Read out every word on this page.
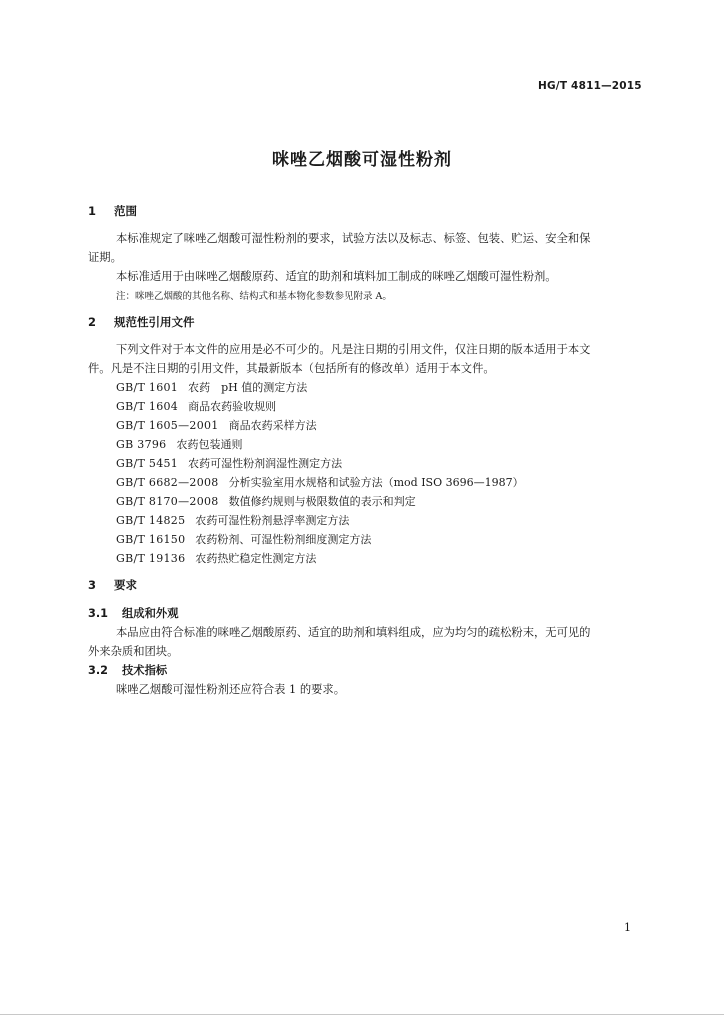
HG/T 4811—2015
咪唑乙烟酸可湿性粉剂
1 范围
本标准规定了咪唑乙烟酸可湿性粉剂的要求，试验方法以及标志、标签、包装、贮运、安全和保
证期。
本标准适用于由咪唑乙烟酸原药、适宜的助剂和填料加工制成的咪唑乙烟酸可湿性粉剂。
注：咪唑乙烟酸的其他名称、结构式和基本物化参数参见附录 A。
2 规范性引用文件
下列文件对于本文件的应用是必不可少的。凡是注日期的引用文件，仅注日期的版本适用于本文
件。凡是不注日期的引用文件，其最新版本（包括所有的修改单）适用于本文件。
GB/T 1601 农药　pH 值的测定方法
GB/T 1604 商品农药验收规则
GB/T 1605—2001 商品农药采样方法
GB 3796 农药包装通则
GB/T 5451 农药可湿性粉剂润湿性测定方法
GB/T 6682—2008 分析实验室用水规格和试验方法（mod ISO 3696—1987）
GB/T 8170—2008 数值修约规则与极限数值的表示和判定
GB/T 14825 农药可湿性粉剂悬浮率测定方法
GB/T 16150 农药粉剂、可湿性粉剂细度测定方法
GB/T 19136 农药热贮稳定性测定方法
3 要求
3.1 组成和外观
本品应由符合标准的咪唑乙烟酸原药、适宜的助剂和填料组成，应为均匀的疏松粉末，无可见的
外来杂质和团块。
3.2 技术指标
咪唑乙烟酸可湿性粉剂还应符合表 1 的要求。
1
